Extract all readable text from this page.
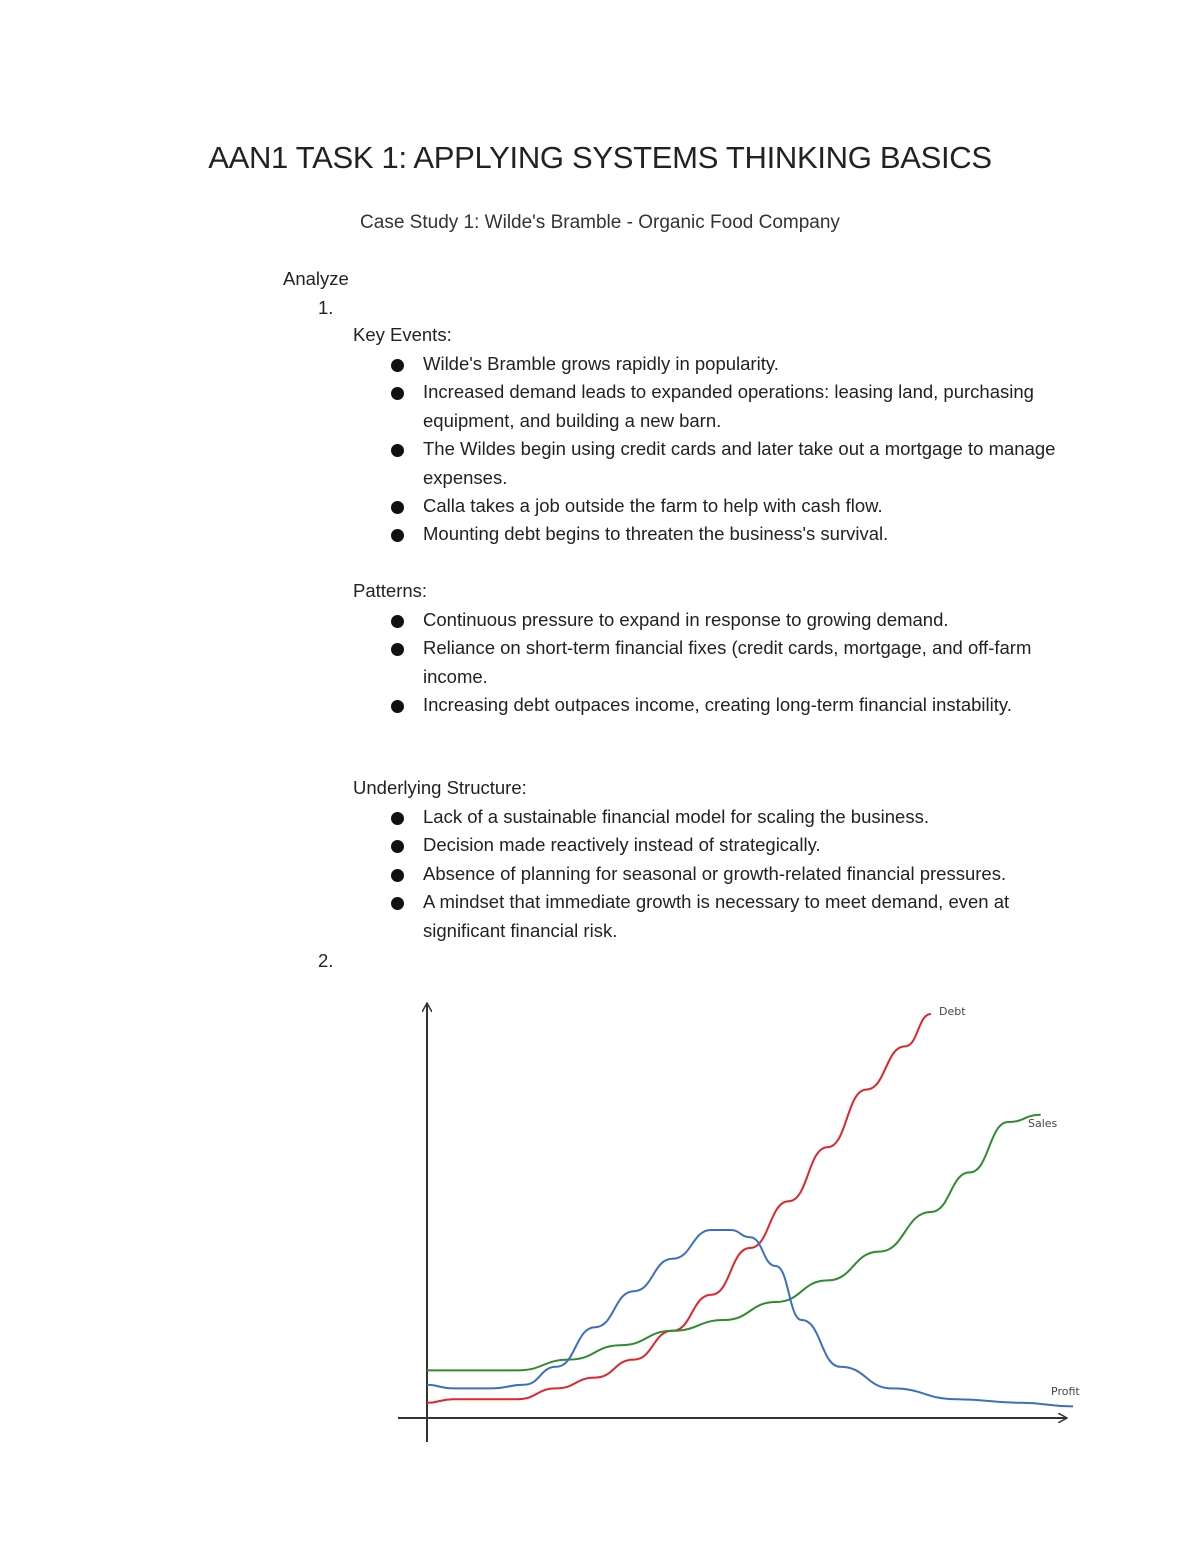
AAN1 TASK 1: APPLYING SYSTEMS THINKING BASICS
Case Study 1: Wilde's Bramble - Organic Food Company
Analyze
1.
Key Events:
Wilde's Bramble grows rapidly in popularity.
Increased demand leads to expanded operations: leasing land, purchasing equipment, and building a new barn.
The Wildes begin using credit cards and later take out a mortgage to manage expenses.
Calla takes a job outside the farm to help with cash flow.
Mounting debt begins to threaten the business's survival.
Patterns:
Continuous pressure to expand in response to growing demand.
Reliance on short-term financial fixes (credit cards, mortgage, and off-farm income.
Increasing debt outpaces income, creating long-term financial instability.
Underlying Structure:
Lack of a sustainable financial model for scaling the business.
Decision made reactively instead of strategically.
Absence of planning for seasonal or growth-related financial pressures.
A mindset that immediate growth is necessary to meet demand, even at significant financial risk.
2.
Debt
Sales
Profit
